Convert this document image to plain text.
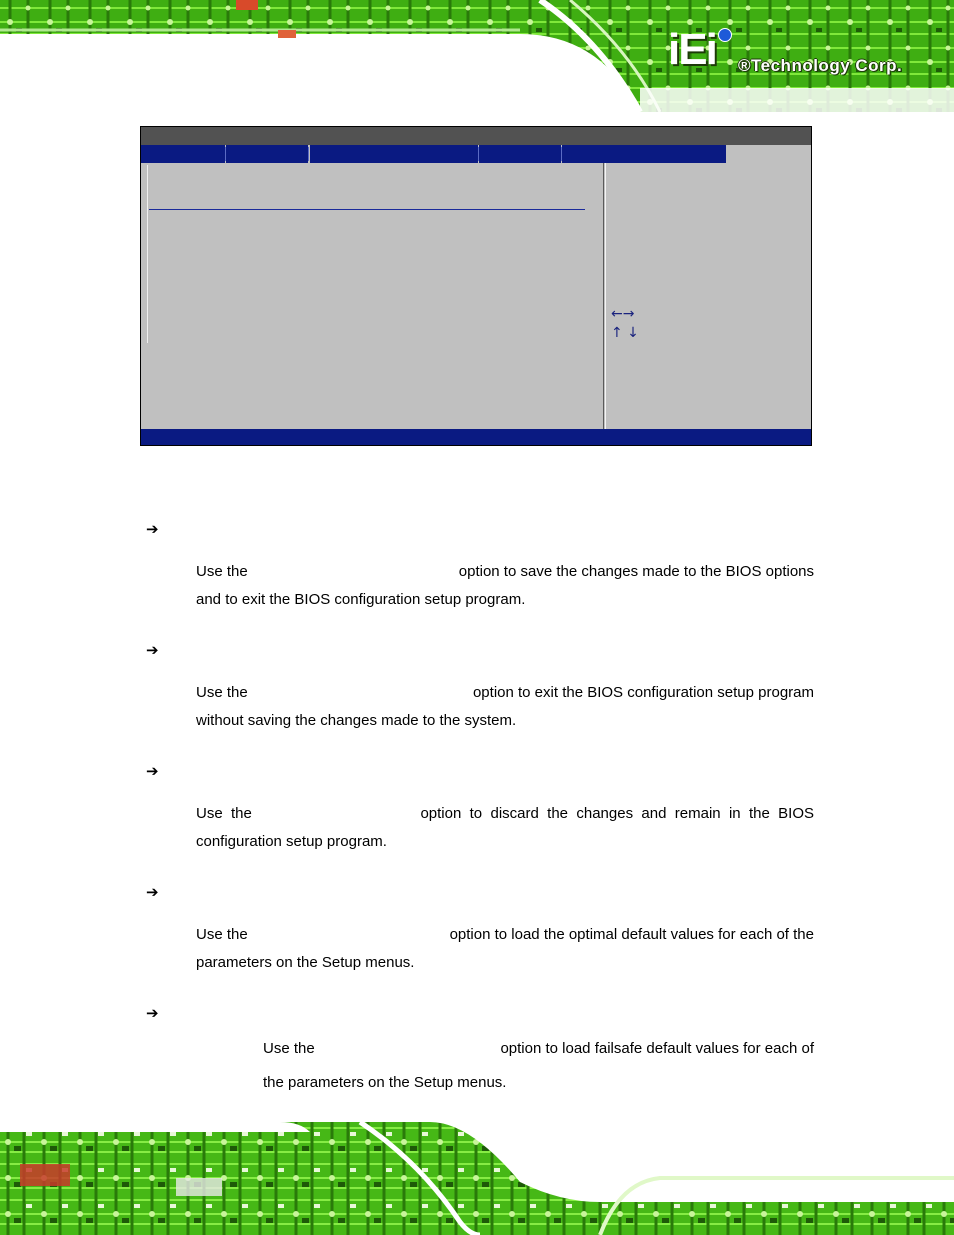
iEi ®Technology Corp.
←→
↑ ↓
➔
Use the	option to save the changes made to the BIOS options
and to exit the BIOS configuration setup program.
➔
Use the	option to exit the BIOS configuration setup program
without saving the changes made to the system.
➔
Use  the	option  to  discard  the  changes  and  remain  in  the  BIOS
configuration setup program.
➔
Use the	option to load the optimal default values for each of the
parameters on the Setup menus.
➔
Use the	option to load failsafe default values for each of
the parameters on the Setup menus.
